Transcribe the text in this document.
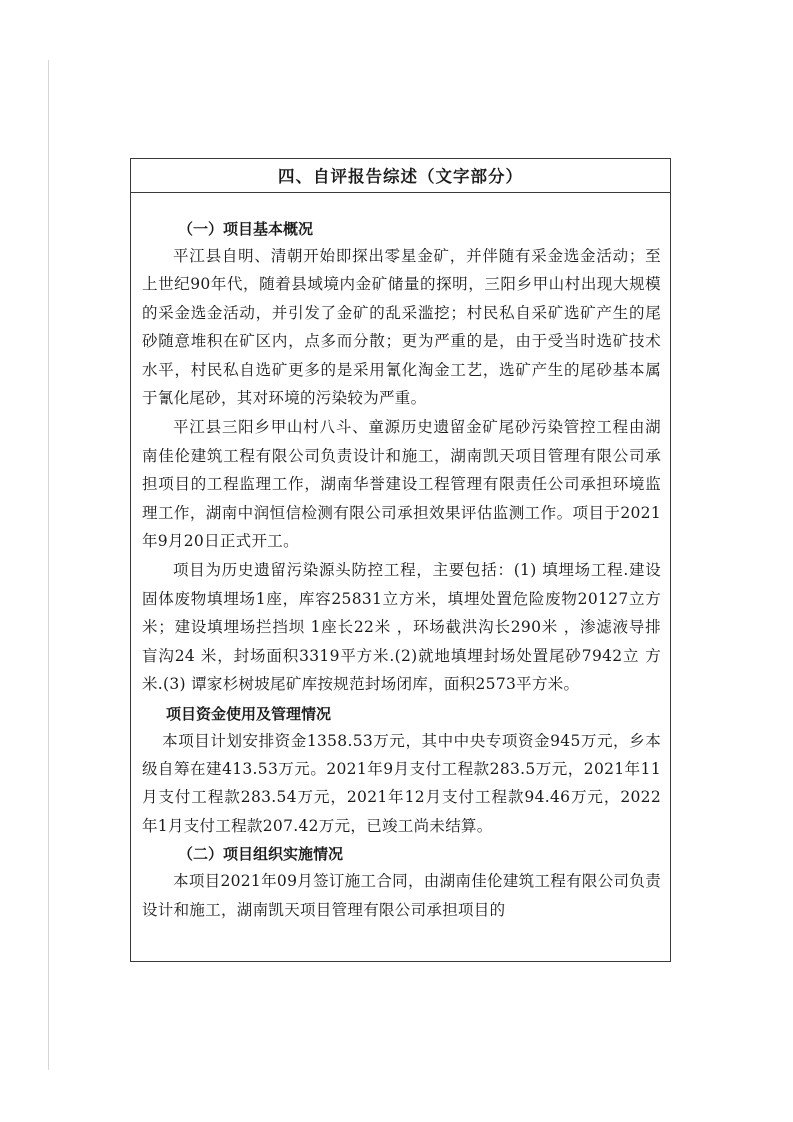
四、自评报告综述（文字部分）
（一）项目基本概况

平江县自明、清朝开始即探出零星金矿，并伴随有采金选金活动；至上世纪90年代，随着县域境内金矿储量的探明，三阳乡甲山村出现大规模的采金选金活动，并引发了金矿的乱采滥挖；村民私自采矿选矿产生的尾砂随意堆积在矿区内，点多而分散；更为严重的是，由于受当时选矿技术水平，村民私自选矿更多的是采用氰化淘金工艺，选矿产生的尾砂基本属于氰化尾砂，其对环境的污染较为严重。

平江县三阳乡甲山村八斗、童源历史遗留金矿尾砂污染管控工程由湖南佳伦建筑工程有限公司负责设计和施工，湖南凯天项目管理有限公司承担项目的工程监理工作，湖南华誉建设工程管理有限责任公司承担环境监理工作，湖南中润恒信检测有限公司承担效果评估监测工作。项目于2021年9月20日正式开工。

项目为历史遗留污染源头防控工程，主要包括：(1) 填埋场工程.建设固体废物填埋场1座，库容25831立方米，填埋处置危险废物20127立方米；建设填埋场拦挡坝 1座长22米 ，环场截洪沟长290米 ，渗滤液导排盲沟24 米，封场面积3319平方米.(2)就地填埋封场处置尾砂7942立 方米.(3) 谭家杉树坡尾矿库按规范封场闭库，面积2573平方米。

项目资金使用及管理情况

本项目计划安排资金1358.53万元，其中中央专项资金945万元，乡本级自筹在建413.53万元。2021年9月支付工程款283.5万元，2021年11月支付工程款283.54万元，2021年12月支付工程款94.46万元，2022年1月支付工程款207.42万元，已竣工尚未结算。

（二）项目组织实施情况

本项目2021年09月签订施工合同，由湖南佳伦建筑工程有限公司负责设计和施工，湖南凯天项目管理有限公司承担项目的
